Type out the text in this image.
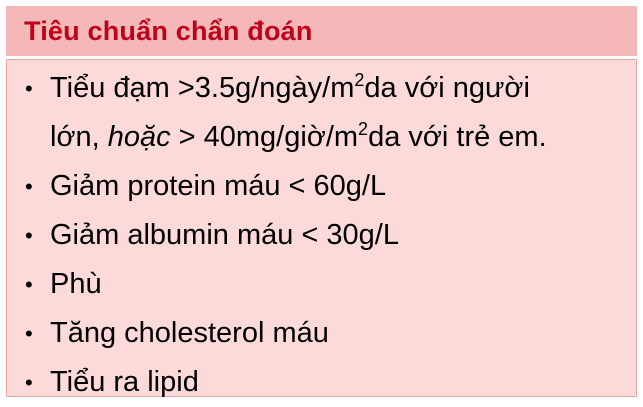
Tiêu chuẩn chẩn đoán
• Tiểu đạm $>3.5g/ngày/m^2da$ với người
lớn, hoặc > $40mg/giờ/m^2da$ với trẻ em.
• Giảm protein máu < 60g/L
• Giảm albumin máu < 30g/L
• Phù
• Tăng cholesterol máu
• Tiểu ra lipid
